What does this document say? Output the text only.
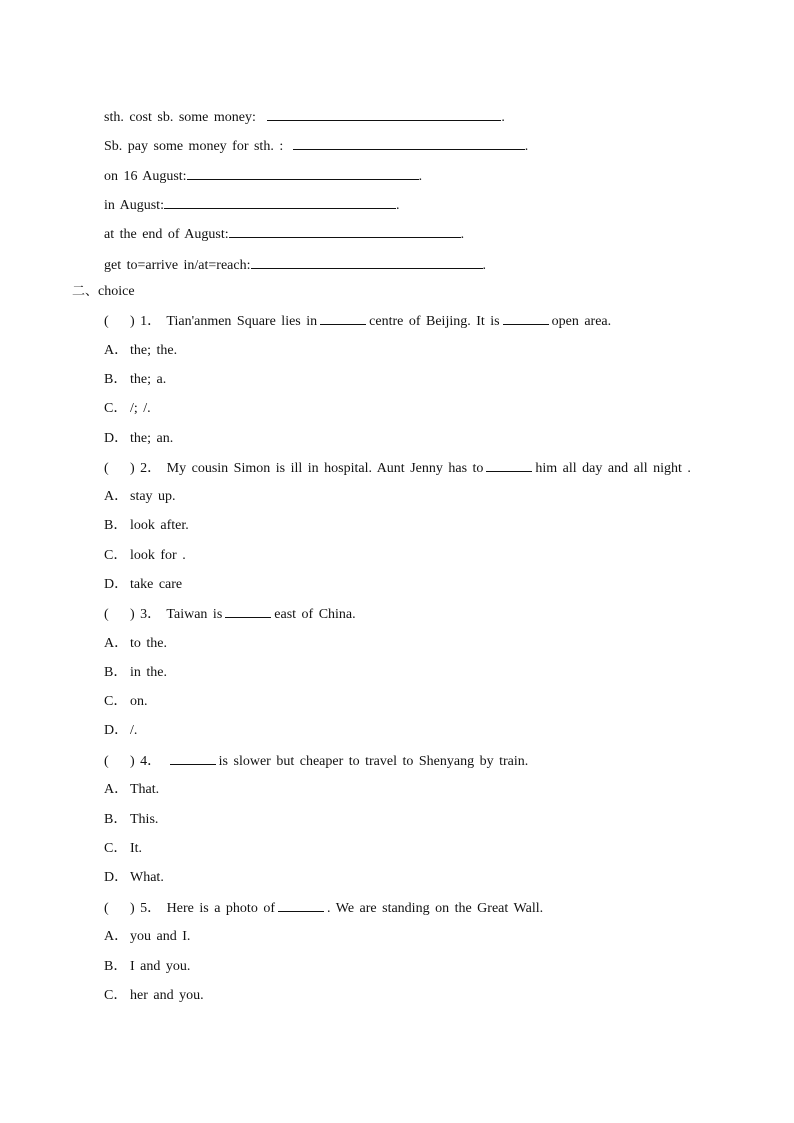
sth. cost sb. some money:	.
Sb. pay some money for sth. :	.
on 16 August:	.
in August:	.
at the end of August:	.
get to=arrive in/at=reach:	.
二、choice
( ) 1． Tian'anmen Square lies in	centre of Beijing. It is	open area.
A． the; the.
B． the; a.
C． /; /.
D． the; an.
( ) 2． My cousin Simon is ill in hospital. Aunt Jenny has to	him all day and all night .
A． stay up.
B． look after.
C． look for .
D． take care
( ) 3． Taiwan is	east of China.
A． to the.
B． in the.
C． on.
D． /.
( ) 4．	is slower but cheaper to travel to Shenyang by train.
A． That.
B． This.
C． It.
D． What.
( ) 5． Here is a photo of	. We are standing on the Great Wall.
A． you and I.
B． I and you.
C． her and you.
